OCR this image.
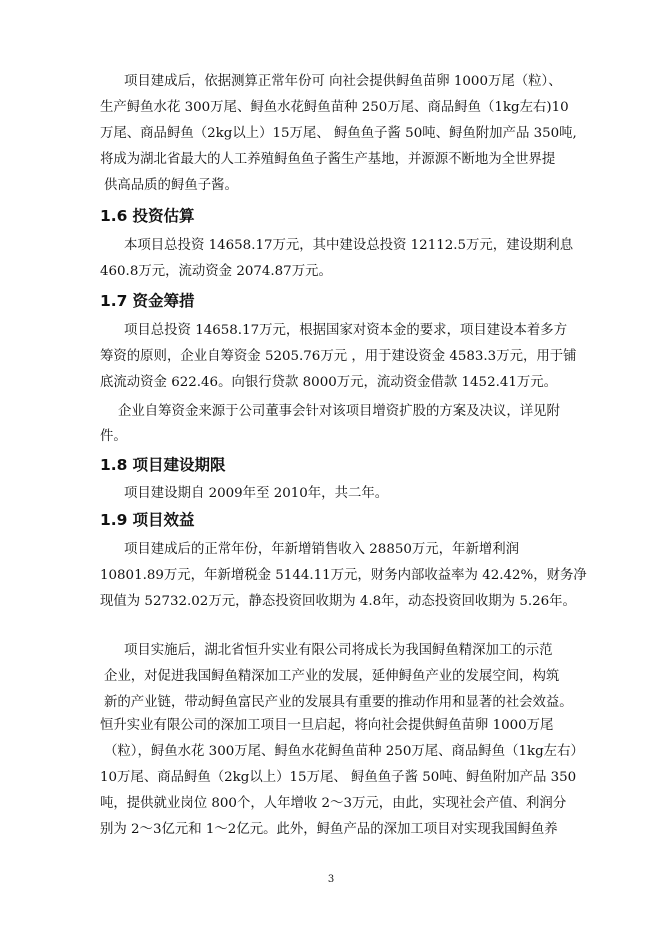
项目建成后，依据测算正常年份可 向社会提供鲟鱼苗卵 1000万尾（粒）、
生产鲟鱼水花 300万尾、鲟鱼水花鲟鱼苗种 250万尾、商品鲟鱼（1kg左右)10
万尾、商品鲟鱼（2kg以上）15万尾、 鲟鱼鱼子酱 50吨、鲟鱼附加产品 350吨,
将成为湖北省最大的人工养殖鲟鱼鱼子酱生产基地，并源源不断地为全世界提
供高品质的鲟鱼子酱。
1.6 投资估算
本项目总投资 14658.17万元，其中建设总投资 12112.5万元，建设期利息
460.8万元，流动资金 2074.87万元。
1.7 资金筹措
项目总投资 14658.17万元，根据国家对资本金的要求，项目建设本着多方
筹资的原则，企业自筹资金 5205.76万元 ，用于建设资金 4583.3万元，用于铺
底流动资金 622.46。向银行贷款 8000万元，流动资金借款 1452.41万元。
企业自筹资金来源于公司董事会针对该项目增资扩股的方案及决议，详见附
件。
1.8 项目建设期限
项目建设期自 2009年至 2010年，共二年。
1.9 项目效益
项目建成后的正常年份，年新增销售收入 28850万元，年新增利润
10801.89万元，年新增税金 5144.11万元，财务内部收益率为 42.42%，财务净
现值为 52732.02万元，静态投资回收期为 4.8年，动态投资回收期为 5.26年。
项目实施后，湖北省恒升实业有限公司将成长为我国鲟鱼精深加工的示范
企业，对促进我国鲟鱼精深加工产业的发展，延伸鲟鱼产业的发展空间，构筑
新的产业链，带动鲟鱼富民产业的发展具有重要的推动作用和显著的社会效益。
恒升实业有限公司的深加工项目一旦启起，将向社会提供鲟鱼苗卵 1000万尾
（粒），鲟鱼水花 300万尾、鲟鱼水花鲟鱼苗种 250万尾、商品鲟鱼（1kg左右）
10万尾、商品鲟鱼（2kg以上）15万尾、 鲟鱼鱼子酱 50吨、鲟鱼附加产品 350
吨，提供就业岗位 800个，人年增收 2～3万元，由此，实现社会产值、利润分
别为 2～3亿元和 1～2亿元。此外，鲟鱼产品的深加工项目对实现我国鲟鱼养
3
